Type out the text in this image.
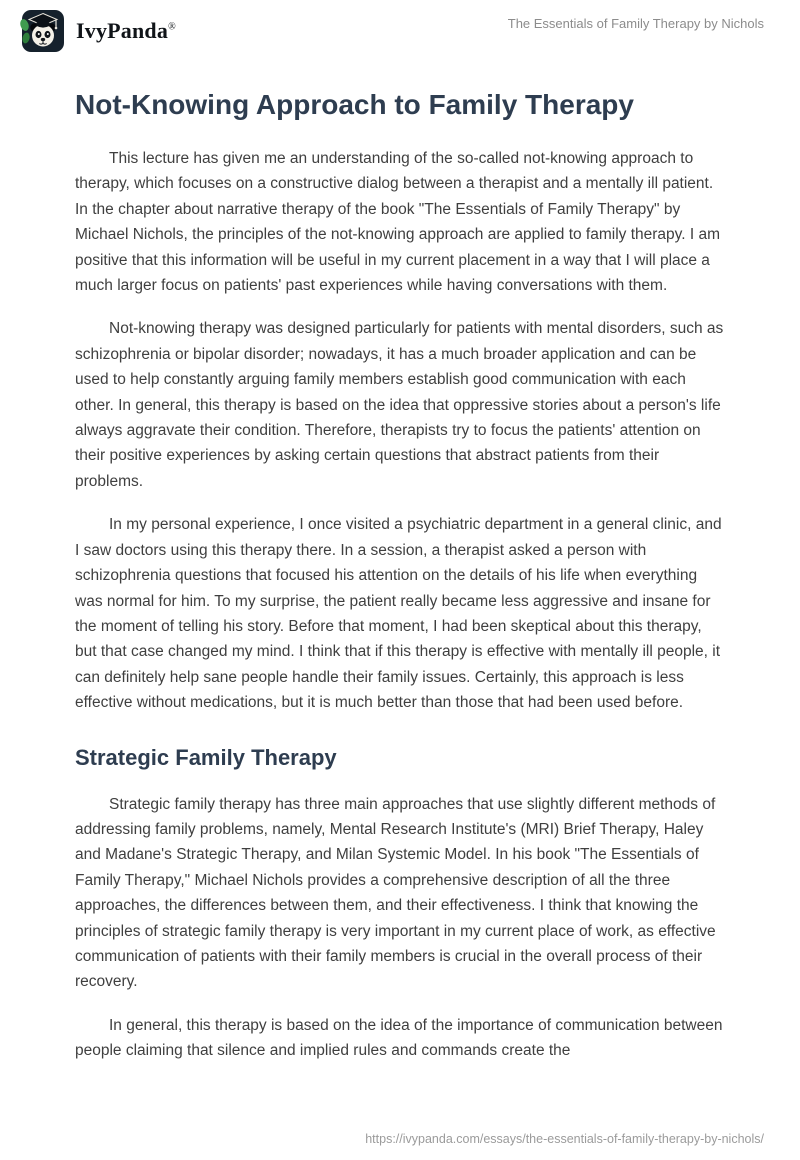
IvyPanda®	The Essentials of Family Therapy by Nichols
Not-Knowing Approach to Family Therapy

This lecture has given me an understanding of the so-called not-knowing approach to therapy, which focuses on a constructive dialog between a therapist and a mentally ill patient. In the chapter about narrative therapy of the book "The Essentials of Family Therapy" by Michael Nichols, the principles of the not-knowing approach are applied to family therapy. I am positive that this information will be useful in my current placement in a way that I will place a much larger focus on patients' past experiences while having conversations with them.

Not-knowing therapy was designed particularly for patients with mental disorders, such as schizophrenia or bipolar disorder; nowadays, it has a much broader application and can be used to help constantly arguing family members establish good communication with each other. In general, this therapy is based on the idea that oppressive stories about a person's life always aggravate their condition. Therefore, therapists try to focus the patients' attention on their positive experiences by asking certain questions that abstract patients from their problems.

In my personal experience, I once visited a psychiatric department in a general clinic, and I saw doctors using this therapy there. In a session, a therapist asked a person with schizophrenia questions that focused his attention on the details of his life when everything was normal for him. To my surprise, the patient really became less aggressive and insane for the moment of telling his story. Before that moment, I had been skeptical about this therapy, but that case changed my mind. I think that if this therapy is effective with mentally ill people, it can definitely help sane people handle their family issues. Certainly, this approach is less effective without medications, but it is much better than those that had been used before.

Strategic Family Therapy

Strategic family therapy has three main approaches that use slightly different methods of addressing family problems, namely, Mental Research Institute's (MRI) Brief Therapy, Haley and Madane's Strategic Therapy, and Milan Systemic Model. In his book "The Essentials of Family Therapy," Michael Nichols provides a comprehensive description of all the three approaches, the differences between them, and their effectiveness. I think that knowing the principles of strategic family therapy is very important in my current place of work, as effective communication of patients with their family members is crucial in the overall process of their recovery.

In general, this therapy is based on the idea of the importance of communication between people claiming that silence and implied rules and commands create the

https://ivypanda.com/essays/the-essentials-of-family-therapy-by-nichols/
